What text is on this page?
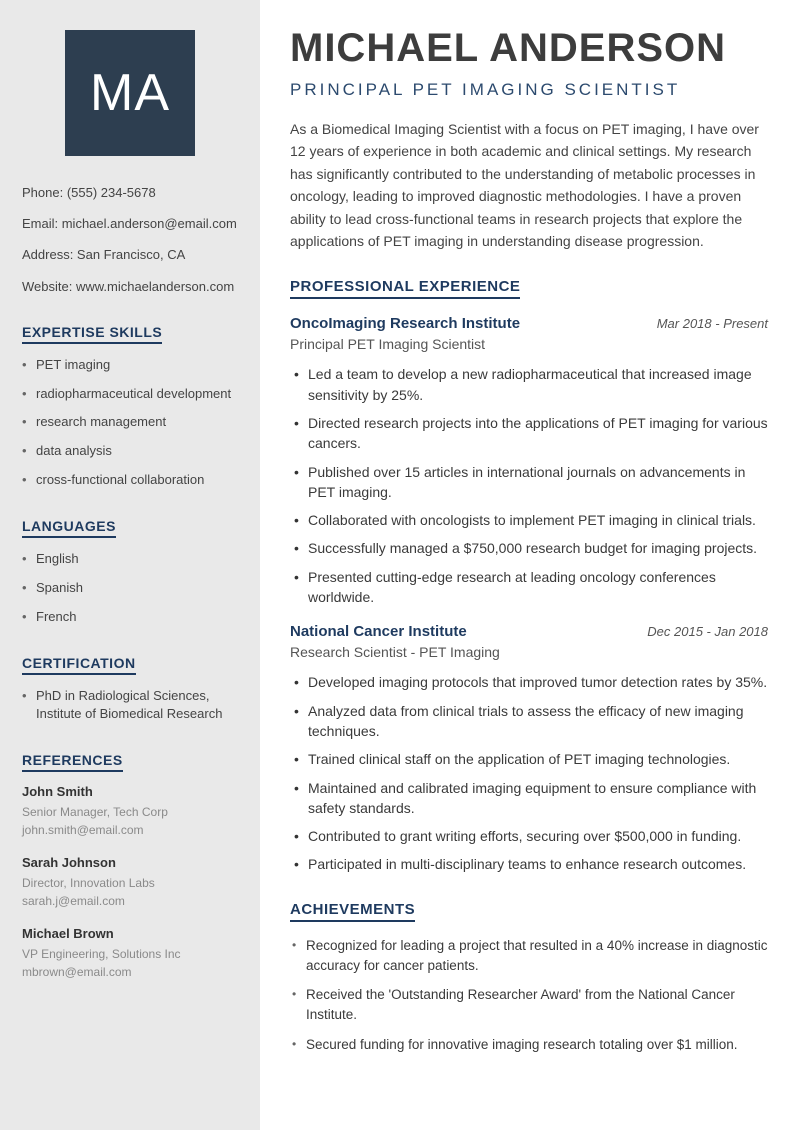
MA
Phone: (555) 234-5678
Email: michael.anderson@email.com
Address: San Francisco, CA
Website: www.michaelanderson.com
EXPERTISE SKILLS
• PET imaging
• radiopharmaceutical development
• research management
• data analysis
• cross-functional collaboration
LANGUAGES
• English
• Spanish
• French
CERTIFICATION
• PhD in Radiological Sciences, Institute of Biomedical Research
REFERENCES
John Smith
Senior Manager, Tech Corp
john.smith@email.com
Sarah Johnson
Director, Innovation Labs
sarah.j@email.com
Michael Brown
VP Engineering, Solutions Inc
mbrown@email.com
MICHAEL ANDERSON
PRINCIPAL PET IMAGING SCIENTIST

As a Biomedical Imaging Scientist with a focus on PET imaging, I have over 12 years of experience in both academic and clinical settings. My research has significantly contributed to the understanding of metabolic processes in oncology, leading to improved diagnostic methodologies. I have a proven ability to lead cross-functional teams in research projects that explore the applications of PET imaging in understanding disease progression.

PROFESSIONAL EXPERIENCE
OncoImaging Research Institute	Mar 2018 - Present
Principal PET Imaging Scientist
• Led a team to develop a new radiopharmaceutical that increased image sensitivity by 25%.
• Directed research projects into the applications of PET imaging for various cancers.
• Published over 15 articles in international journals on advancements in PET imaging.
• Collaborated with oncologists to implement PET imaging in clinical trials.
• Successfully managed a $750,000 research budget for imaging projects.
• Presented cutting-edge research at leading oncology conferences worldwide.
National Cancer Institute	Dec 2015 - Jan 2018
Research Scientist - PET Imaging
• Developed imaging protocols that improved tumor detection rates by 35%.
• Analyzed data from clinical trials to assess the efficacy of new imaging techniques.
• Trained clinical staff on the application of PET imaging technologies.
• Maintained and calibrated imaging equipment to ensure compliance with safety standards.
• Contributed to grant writing efforts, securing over $500,000 in funding.
• Participated in multi-disciplinary teams to enhance research outcomes.
ACHIEVEMENTS
• Recognized for leading a project that resulted in a 40% increase in diagnostic accuracy for cancer patients.
• Received the 'Outstanding Researcher Award' from the National Cancer Institute.
• Secured funding for innovative imaging research totaling over $1 million.
